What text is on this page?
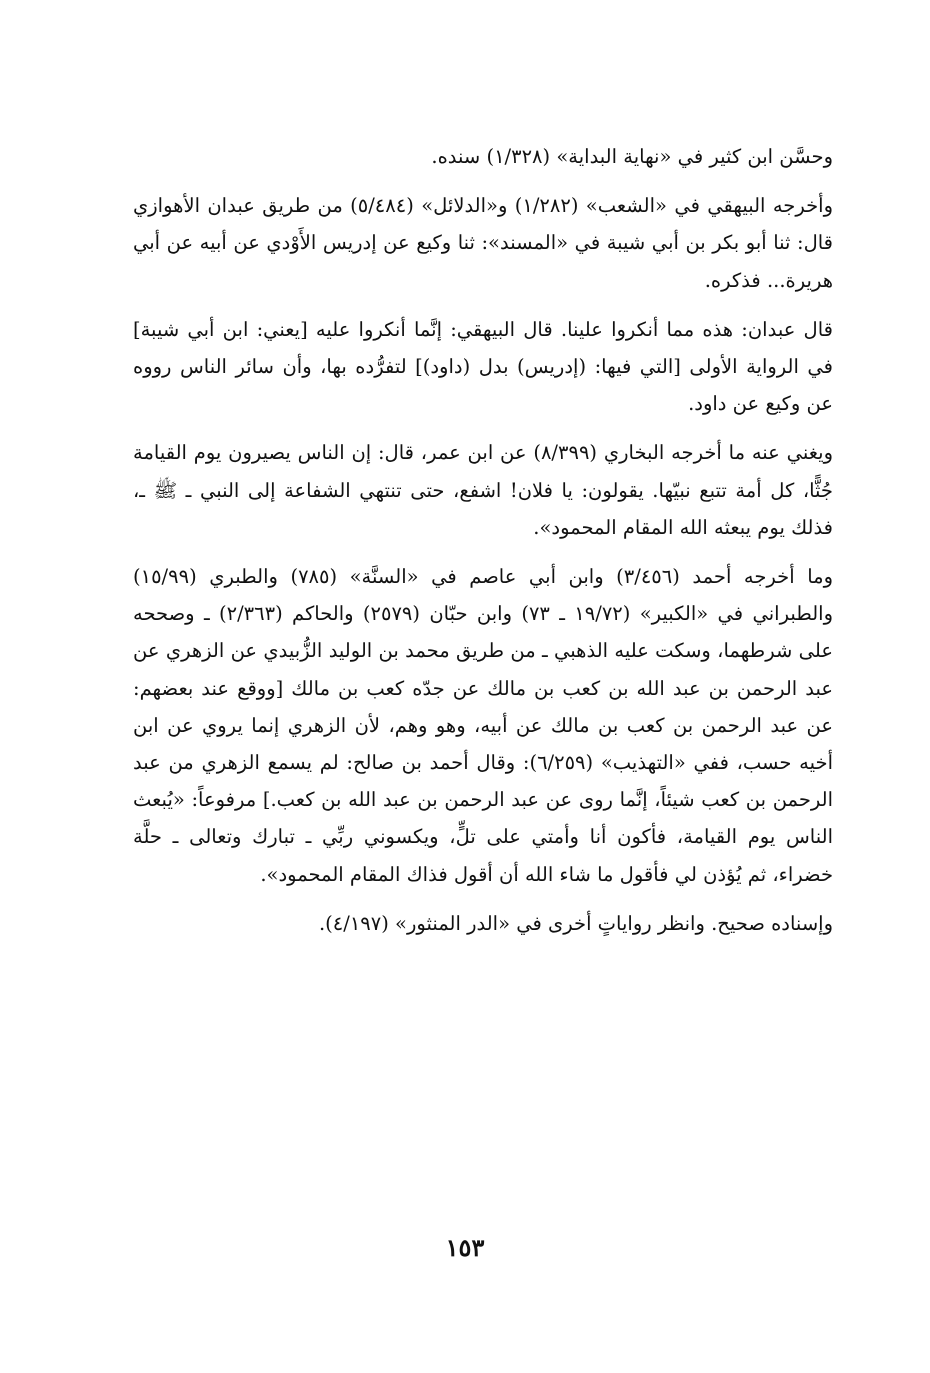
وحسَّن ابن كثير في «نهاية البداية» (١/٣٢٨) سنده.

وأخرجه البيهقي في «الشعب» (١/٢٨٢) و«الدلائل» (٥/٤٨٤) من طريق عبدان الأهوازي قال: ثنا أبو بكر بن أبي شيبة في «المسند»: ثنا وكيع عن إدريس الأَوْدي عن أبيه عن أبي هريرة... فذكره.

قال عبدان: هذه مما أنكروا علينا. قال البيهقي: إنَّما أنكروا عليه [يعني: ابن أبي شيبة] في الرواية الأولى [التي فيها: (إدريس) بدل (داود)] لتفرُّده بها، وأن سائر الناس رووه عن وكيع عن داود.

ويغني عنه ما أخرجه البخاري (٨/٣٩٩) عن ابن عمر، قال: إن الناس يصيرون يوم القيامة جُثًّا، كل أمة تتبع نبيّها. يقولون: يا فلان! اشفع، حتى تنتهي الشفاعة إلى النبي ـ ﷺ ـ، فذلك يوم يبعثه الله المقام المحمود».

وما أخرجه أحمد (٣/٤٥٦) وابن أبي عاصم في «السنَّة» (٧٨٥) والطبري (١٥/٩٩) والطبراني في «الكبير» (١٩/٧٢ ـ ٧٣) وابن حبّان (٢٥٧٩) والحاكم (٢/٣٦٣) ـ وصححه على شرطهما، وسكت عليه الذهبي ـ من طريق محمد بن الوليد الزُّبيدي عن الزهري عن عبد الرحمن بن عبد الله بن كعب بن مالك عن جدّه كعب بن مالك [ووقع عند بعضهم: عن عبد الرحمن بن كعب بن مالك عن أبيه، وهو وهم، لأن الزهري إنما يروي عن ابن أخيه حسب، ففي «التهذيب» (٦/٢٥٩): وقال أحمد بن صالح: لم يسمع الزهري من عبد الرحمن بن كعب شيئاً، إنَّما روى عن عبد الرحمن بن عبد الله بن كعب.] مرفوعاً: «يُبعث الناس يوم القيامة، فأكون أنا وأمتي على تلٍّ، ويكسوني ربِّي ـ تبارك وتعالى ـ حلَّة خضراء، ثم يُؤذن لي فأقول ما شاء الله أن أقول فذاك المقام المحمود».

وإسناده صحيح. وانظر رواياتٍ أخرى في «الدر المنثور» (٤/١٩٧).

١٥٣
